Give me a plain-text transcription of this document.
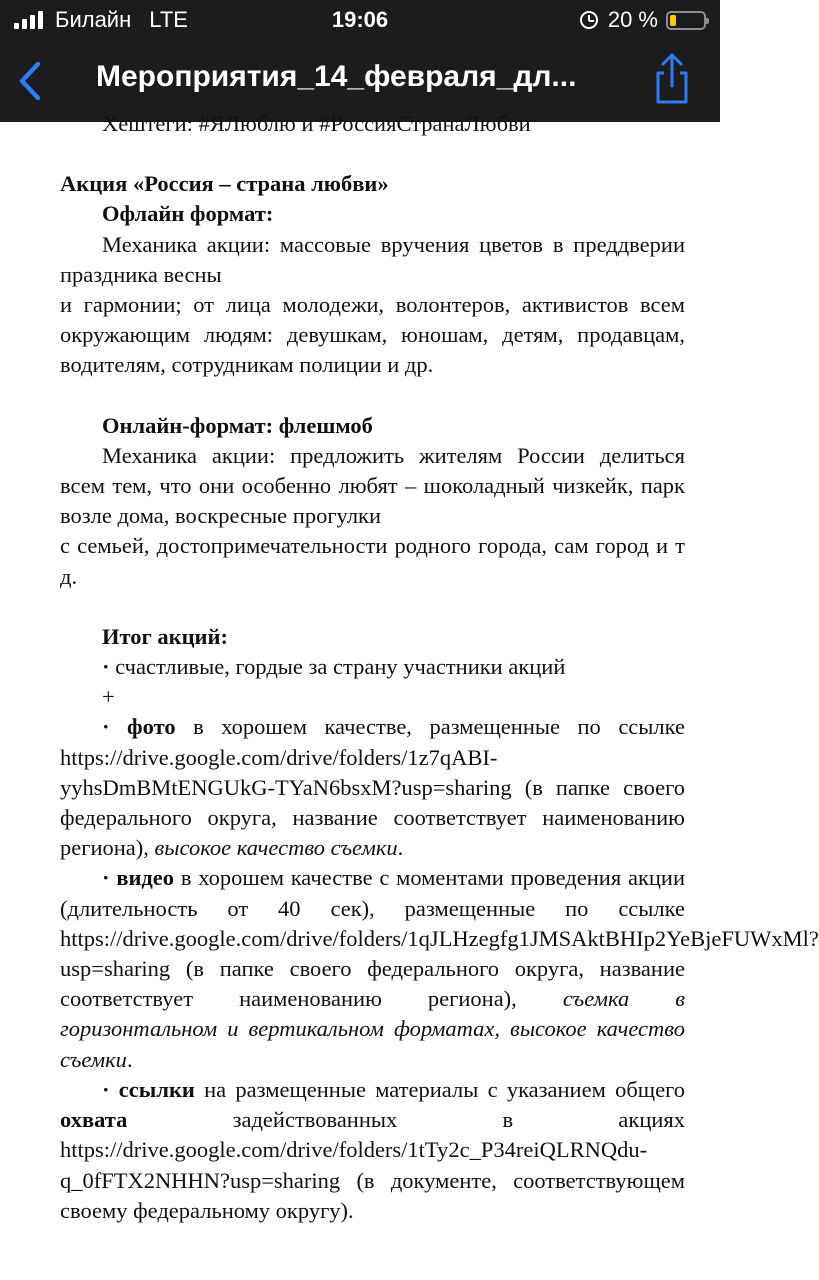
Билайн LTE	19:06	20 %
Мероприятия_14_февраля_дл...

Хештеги: #ЯЛюблю и #РоссияСтранаЛюбви

Акция «Россия – страна любви»

Офлайн формат:

Механика акции: массовые вручения цветов в преддверии праздника весны

и гармонии; от лица молодежи, волонтеров, активистов всем окружающим людям: девушкам, юношам, детям, продавцам, водителям, сотрудникам полиции и др.

Онлайн-формат: флешмоб

Механика акции: предложить жителям России делиться всем тем, что они особенно любят – шоколадный чизкейк, парк возле дома, воскресные прогулки

с семьей, достопримечательности родного города, сам город и т д.

Итог акций:

· счастливые, гордые за страну участники акций

+

· фото в хорошем качестве, размещенные по ссылке https://drive.google.com/drive/folders/1z7qABI-yyhsDmBMtENGUkG-TYaN6bsxM?usp=sharing (в папке своего федерального округа, название соответствует наименованию региона), высокое качество съемки.

· видео в хорошем качестве с моментами проведения акции (длительность от 40 сек), размещенные по ссылке https://drive.google.com/drive/folders/1qJLHzegfg1JMSAktBHIp2YeBjeFUWxMl?usp=sharing (в папке своего федерального округа, название соответствует наименованию региона), съемка в горизонтальном и вертикальном форматах, высокое качество съемки.

· ссылки на размещенные материалы с указанием общего охвата задействованных в акциях https://drive.google.com/drive/folders/1tTy2c_P34reiQLRNQdu-q_0fFTX2NHHN?usp=sharing (в документе, соответствующем своему федеральному округу).
